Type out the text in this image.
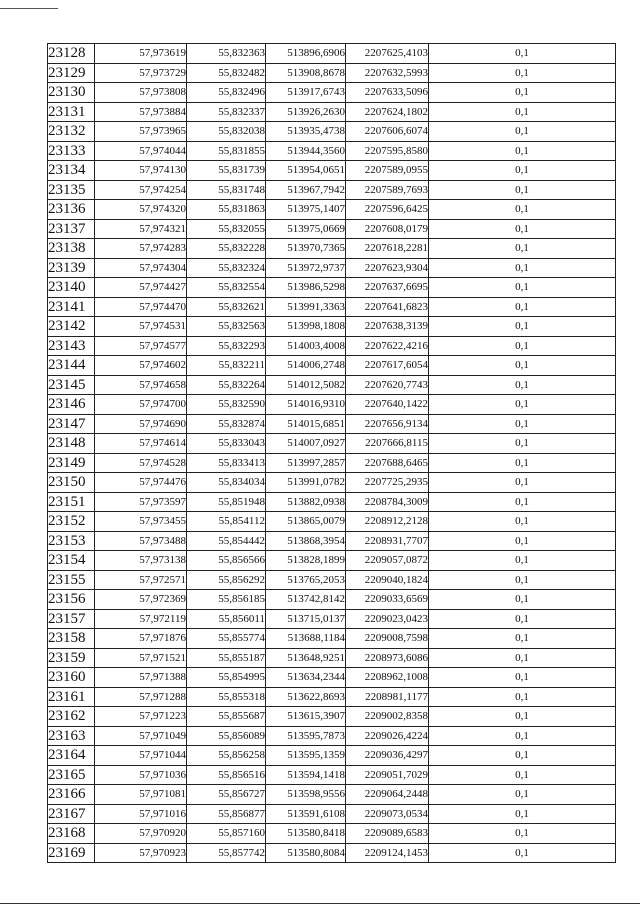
23128	57,973619	55,832363	513896,6906	2207625,4103	0,1
23129	57,973729	55,832482	513908,8678	2207632,5993	0,1
23130	57,973808	55,832496	513917,6743	2207633,5096	0,1
23131	57,973884	55,832337	513926,2630	2207624,1802	0,1
23132	57,973965	55,832038	513935,4738	2207606,6074	0,1
23133	57,974044	55,831855	513944,3560	2207595,8580	0,1
23134	57,974130	55,831739	513954,0651	2207589,0955	0,1
23135	57,974254	55,831748	513967,7942	2207589,7693	0,1
23136	57,974320	55,831863	513975,1407	2207596,6425	0,1
23137	57,974321	55,832055	513975,0669	2207608,0179	0,1
23138	57,974283	55,832228	513970,7365	2207618,2281	0,1
23139	57,974304	55,832324	513972,9737	2207623,9304	0,1
23140	57,974427	55,832554	513986,5298	2207637,6695	0,1
23141	57,974470	55,832621	513991,3363	2207641,6823	0,1
23142	57,974531	55,832563	513998,1808	2207638,3139	0,1
23143	57,974577	55,832293	514003,4008	2207622,4216	0,1
23144	57,974602	55,832211	514006,2748	2207617,6054	0,1
23145	57,974658	55,832264	514012,5082	2207620,7743	0,1
23146	57,974700	55,832590	514016,9310	2207640,1422	0,1
23147	57,974690	55,832874	514015,6851	2207656,9134	0,1
23148	57,974614	55,833043	514007,0927	2207666,8115	0,1
23149	57,974528	55,833413	513997,2857	2207688,6465	0,1
23150	57,974476	55,834034	513991,0782	2207725,2935	0,1
23151	57,973597	55,851948	513882,0938	2208784,3009	0,1
23152	57,973455	55,854112	513865,0079	2208912,2128	0,1
23153	57,973488	55,854442	513868,3954	2208931,7707	0,1
23154	57,973138	55,856566	513828,1899	2209057,0872	0,1
23155	57,972571	55,856292	513765,2053	2209040,1824	0,1
23156	57,972369	55,856185	513742,8142	2209033,6569	0,1
23157	57,972119	55,856011	513715,0137	2209023,0423	0,1
23158	57,971876	55,855774	513688,1184	2209008,7598	0,1
23159	57,971521	55,855187	513648,9251	2208973,6086	0,1
23160	57,971388	55,854995	513634,2344	2208962,1008	0,1
23161	57,971288	55,855318	513622,8693	2208981,1177	0,1
23162	57,971223	55,855687	513615,3907	2209002,8358	0,1
23163	57,971049	55,856089	513595,7873	2209026,4224	0,1
23164	57,971044	55,856258	513595,1359	2209036,4297	0,1
23165	57,971036	55,856516	513594,1418	2209051,7029	0,1
23166	57,971081	55,856727	513598,9556	2209064,2448	0,1
23167	57,971016	55,856877	513591,6108	2209073,0534	0,1
23168	57,970920	55,857160	513580,8418	2209089,6583	0,1
23169	57,970923	55,857742	513580,8084	2209124,1453	0,1
